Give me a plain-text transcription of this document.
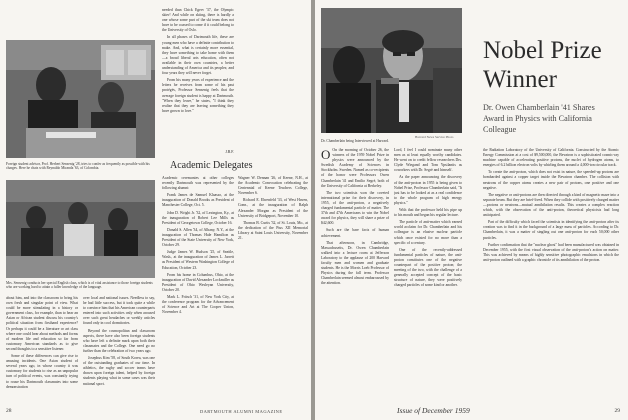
Foreign student advisor, Prof. Herbert Sensenig '28, tries to confer as frequently as possible with his charges. Here he chats with Reynaldo Miranda '63, of Colombia.
Mrs. Sensenig conducts her special English class, which is of vital assistance to those foreign students who are working hard to attain a fuller knowledge of the language.

about him, and into the classroom to bring his own fresh and singular point of view. What could be more stimulating in a history or government class, for example, than to hear an Asian or African student discuss his country's political situation from firsthand experience? Or perhaps it could be a literature or art class where one could hear about methods and forms of modern life and education so far from customary American standards as to give second thoughts to a sensitive listener.

Some of these differences can give rise to amusing incidents. One Asian student of several years ago, in whose country it was customary for students to rise as an unpopular turn of political events, was constantly trying to rouse his Dartmouth classmates into some demonstration

over local and national issues. Needless to say, he had little success, but it took quite a while to convince him that his American counterparts entered into such activities only when aroused over such great headaches or weekly articles found only in cool dormitories.

Beyond the cosmopolitan and classroom aspects, there have also been foreign students who have left a definite mark upon both their classmates and the College. One need go no further than the celebration of two years ago.

Josephus Kim '58, of South Korea, was one of the outstanding graduates of our time. In athletics, the rugby and soccer teams have drawn upon foreign talent, helped by foreign students playing what in some cases was their national sport.

needed than Chick Egerv '37, the Olympic skier! And while on skiing, there is hardly a one whose some part of the ski team does not have to be coaxed to come if it could belong to the University of Oslo.

In all phases of Dartmouth life, these are young men who have a definite contribution to make. And, what is certainly more essential, they have something to take home with them—a broad liberal arts education, often not available in their own countries, a better understanding of America and its peoples; and four years they will never forget.

From his many years of experience and the letters he receives from some of his past protégés, Professor Sensenig feels that the average foreign student is happy at Dartmouth. "When they leave," he states, "I think they realize that they are leaving something they have grown to love."

J.B.F.
Academic Delegates

Academic ceremonies at other colleges recently Dartmouth was represented by the following alumni:

Frank James de Samuel Klaasso, at the inauguration of Donald Brooks as President of Manchester College, Oct. 5.

John D. Wright Jr. '32, of Lexington, Ky., at the inauguration of Robert Lee Mills as President of Georgetown College, October 16.

Donald S. Allen '34, of Albany, N.Y., at the inauguration of Thomas Hale Hamilton as President of the State University of New York, October 29.

Judge James W. Hudson '25, of Seattle, Wash., at the inauguration of James L. Jarrett as President of Western Washington College of Education, October 23.

From his home in Columbus, Ohio, at the inauguration of David Alexander Lockmiller as President of Ohio Wesleyan University, October 20.

Mark L. Fritsch '31, of New York City, at the conference program for the Advancement of Science and Art at The Cooper Union, November 4.

Wagner W. Dennan '26, of Keene, N.H., at the Academic Convocation celebrating the Centennial of Keene Teachers College, November 6.

Richard E. Ehrenfeld '33, of West Haven, Conn., at the inauguration of Ralph Alexander Morgan as President of the University of Bridgeport, November 10.

Thomas B. Curtis '32, of St. Louis, Mo., at the dedication of the Pius XII Memorial Library at Saint Louis University, November 21.

28	DARTMOUTH ALUMNI MAGAZINE
Harvard News Service Photo
Dr. Chamberlain being Interviewed at Harvard.
Nobel Prize
Winner
Dr. Owen Chamberlain '41 Shares Award in Physics with California Colleague

O On the morning of October 26, the winners of the 1959 Nobel Prize in physics were announced by the Swedish Academy of Sciences in Stockholm. Sweden. Named as co-recipients of the honor were Professors Owen Chamberlain '41 and Emilio Segrè, both of the University of California at Berkeley.

The two scientists won the coveted international prize for their discovery, in 1955, of the anti-proton, a negatively charged fundamental particle of matter. The 37th and 47th Americans to win the Nobel award for physics, they will share a prize of $42,600.

Such are the bare facts of human achievement.

That afternoon, in Cambridge, Massachusetts, Dr. Owen Chamberlain walked into a lecture room at Jefferson Laboratory to the applause of 200 Harvard faculty men and women and graduate students. He is the Morris Loeb Professor of Physics during the fall term. Professor Chamberlain seemed almost embarrassed by the attention.

Lord, I feel I could nominate many other men as at least equally worthy candidates. He went on to credit fellow researchers Drs. Clyde Wiegand and Tom Ypsilantis as coworkers with Dr. Segrè and himself.

As the paper announcing the discovery of the anti-proton in 1955 is being given to Nobel Prize, Professor Chamberlain said, "It just has to be looked at as a real confidence to the whole program of high energy physics."

With that the professor held his pipe up to his mouth and began his regular lecture.

The particle of anti-matter which earned world acclaim for Dr. Chamberlain and his colleague is an elusive nuclear particle which once existed for no more than a specific of a century.

One of the recently-addressed fundamental particles of nature, the anti-proton constitutes one of the negative counterpart of the positive proton; the meeting of the two, with the challenge of a generally accepted concept of the basic structure of nature, they were positively charged particles of some kind or another.

the Radiation Laboratory of the University of California. Constructed by the Atomic Energy Commission at a cost of $9,500,000, the Bevatron is a sophisticated cosmic-ray machine capable of accelerating positive protons, the nuclei of hydrogen atoms, to energies of 6.2 billion electron volts by whirling them around a 4,000-ton circular track.

To create the anti-proton, which does not exist in nature, the speeded-up protons are bombarded against a copper target inside the Bevatron chamber. The collision with neutrons of the copper atoms creates a new pair of protons, one positive and one negative.

The negative or anti-protons are then directed through a kind of magnetic maze into a separate beam. But they are brief-lived. When they collide with positively charged matter—protons or neutrons—mutual annihilation results. This creates a complex reaction which, with the observation of the anti-proton, theoretical physicists had long anticipated.

Part of the difficulty which faced the scientists in identifying the anti-proton after its creation was to find it in the background of a large mass of particles. According to Dr. Chamberlain, it was a matter of singling out one anti-proton for each 50,000 other particles.

Further confirmation that the "nuclear ghost" had been manufactured was obtained in December 1955, with the first visual observation of the anti-proton's action on matter. This was achieved by means of highly sensitive photographic emulsions in which the anti-proton outlined with a graphic chronicle of its annihilation of the proton.

Issue of December 1959	29
